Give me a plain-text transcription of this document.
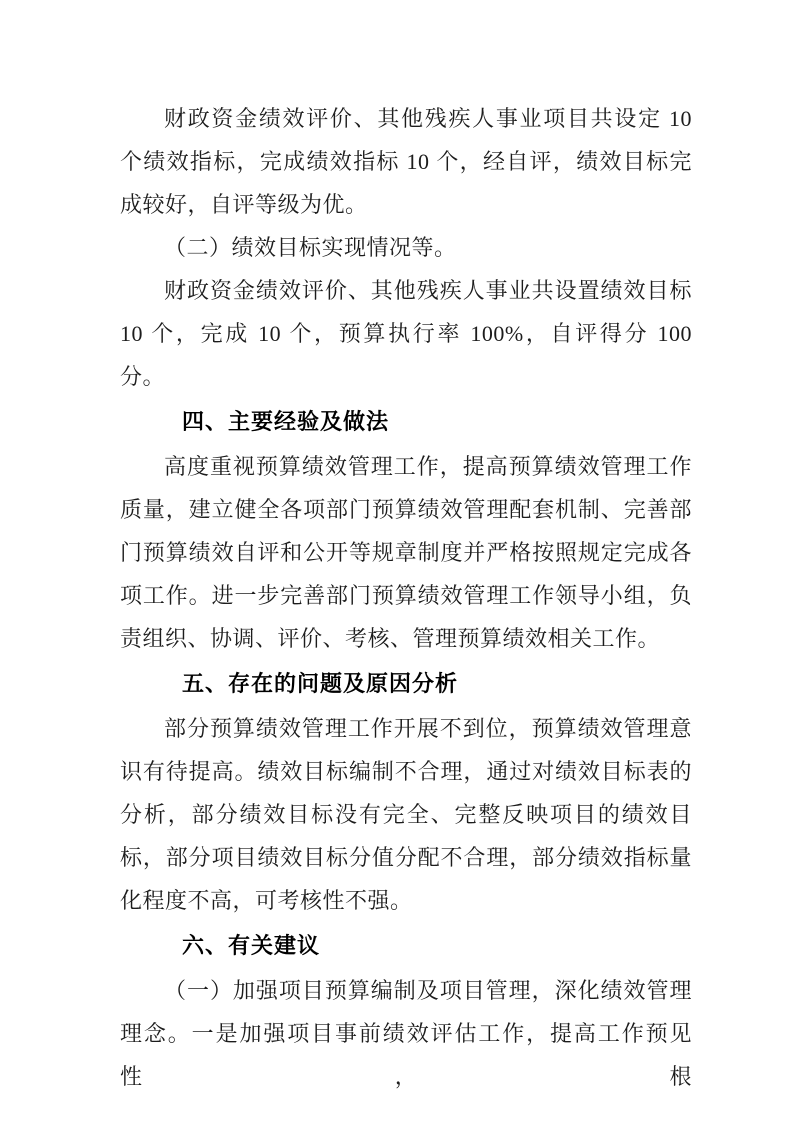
财政资金绩效评价、其他残疾人事业项目共设定 10 个绩效指标，完成绩效指标 10 个，经自评，绩效目标完成较好，自评等级为优。

（二）绩效目标实现情况等。

财政资金绩效评价、其他残疾人事业共设置绩效目标 10 个，完成 10 个，预算执行率 100%，自评得分 100 分。

四、主要经验及做法

高度重视预算绩效管理工作，提高预算绩效管理工作质量，建立健全各项部门预算绩效管理配套机制、完善部门预算绩效自评和公开等规章制度并严格按照规定完成各项工作。进一步完善部门预算绩效管理工作领导小组，负责组织、协调、评价、考核、管理预算绩效相关工作。

五、存在的问题及原因分析

部分预算绩效管理工作开展不到位，预算绩效管理意识有待提高。绩效目标编制不合理，通过对绩效目标表的分析，部分绩效目标没有完全、完整反映项目的绩效目标，部分项目绩效目标分值分配不合理，部分绩效指标量化程度不高，可考核性不强。

六、有关建议

（一）加强项目预算编制及项目管理，深化绩效管理理念。一是加强项目事前绩效评估工作，提高工作预见性，根
